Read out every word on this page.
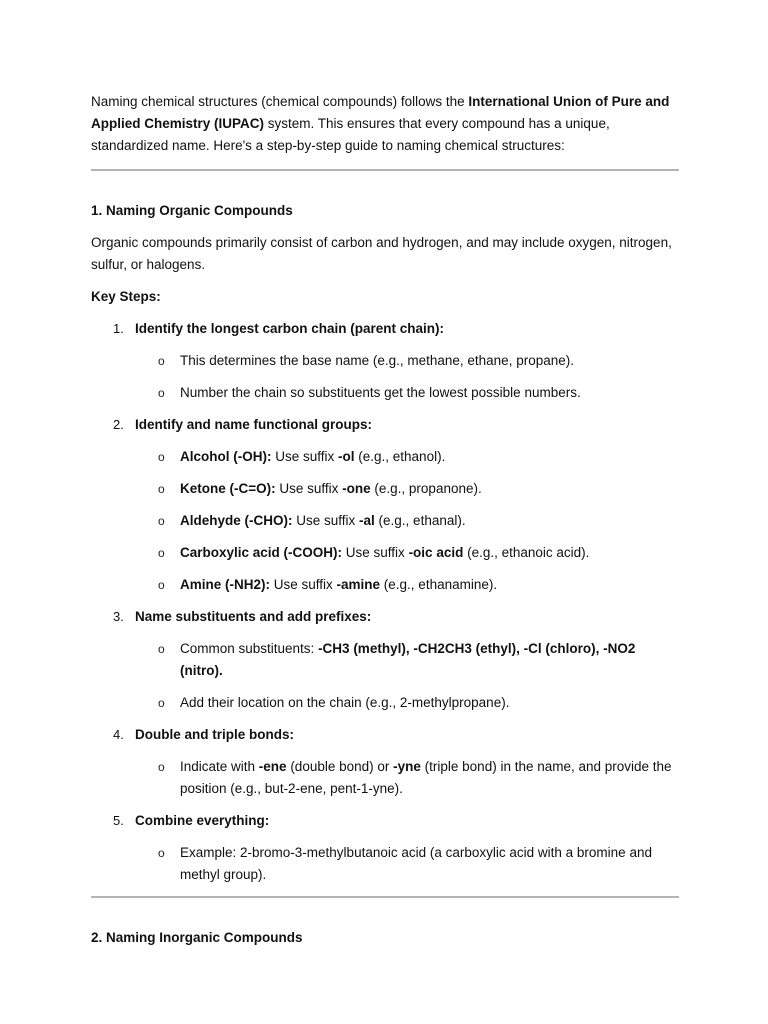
Naming chemical structures (chemical compounds) follows the International Union of Pure and Applied Chemistry (IUPAC) system. This ensures that every compound has a unique, standardized name. Here's a step-by-step guide to naming chemical structures:

1. Naming Organic Compounds

Organic compounds primarily consist of carbon and hydrogen, and may include oxygen, nitrogen, sulfur, or halogens.

Key Steps:

1. Identify the longest carbon chain (parent chain):
o This determines the base name (e.g., methane, ethane, propane).
o Number the chain so substituents get the lowest possible numbers.
2. Identify and name functional groups:
o Alcohol (-OH): Use suffix -ol (e.g., ethanol).
o Ketone (-C=O): Use suffix -one (e.g., propanone).
o Aldehyde (-CHO): Use suffix -al (e.g., ethanal).
o Carboxylic acid (-COOH): Use suffix -oic acid (e.g., ethanoic acid).
o Amine (-NH2): Use suffix -amine (e.g., ethanamine).
3. Name substituents and add prefixes:
o Common substituents: -CH3 (methyl), -CH2CH3 (ethyl), -Cl (chloro), -NO2 (nitro).
o Add their location on the chain (e.g., 2-methylpropane).
4. Double and triple bonds:
o Indicate with -ene (double bond) or -yne (triple bond) in the name, and provide the position (e.g., but-2-ene, pent-1-yne).
5. Combine everything:
o Example: 2-bromo-3-methylbutanoic acid (a carboxylic acid with a bromine and methyl group).

2. Naming Inorganic Compounds
